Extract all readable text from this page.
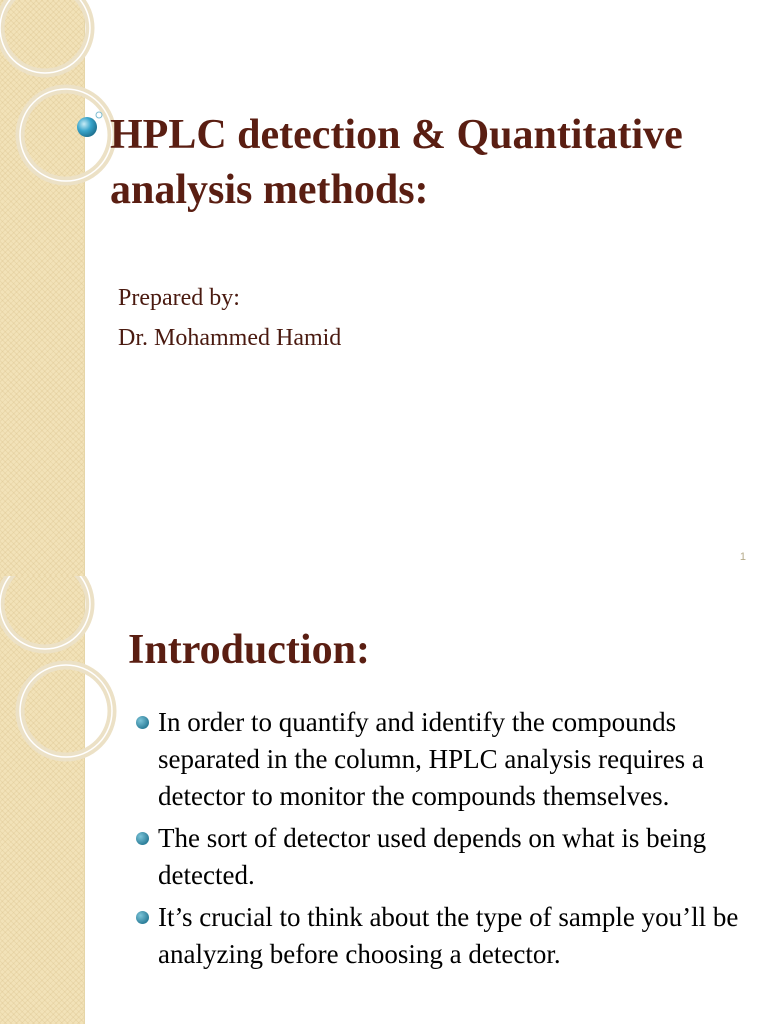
HPLC detection & Quantitative analysis methods:

Prepared by:

Dr. Mohammed Hamid

1
Introduction:
In order to quantify and identify the compounds separated in the column, HPLC analysis requires a detector to monitor the compounds themselves.
The sort of detector used depends on what is being detected.
It’s crucial to think about the type of sample you’ll be analyzing before choosing a detector.
